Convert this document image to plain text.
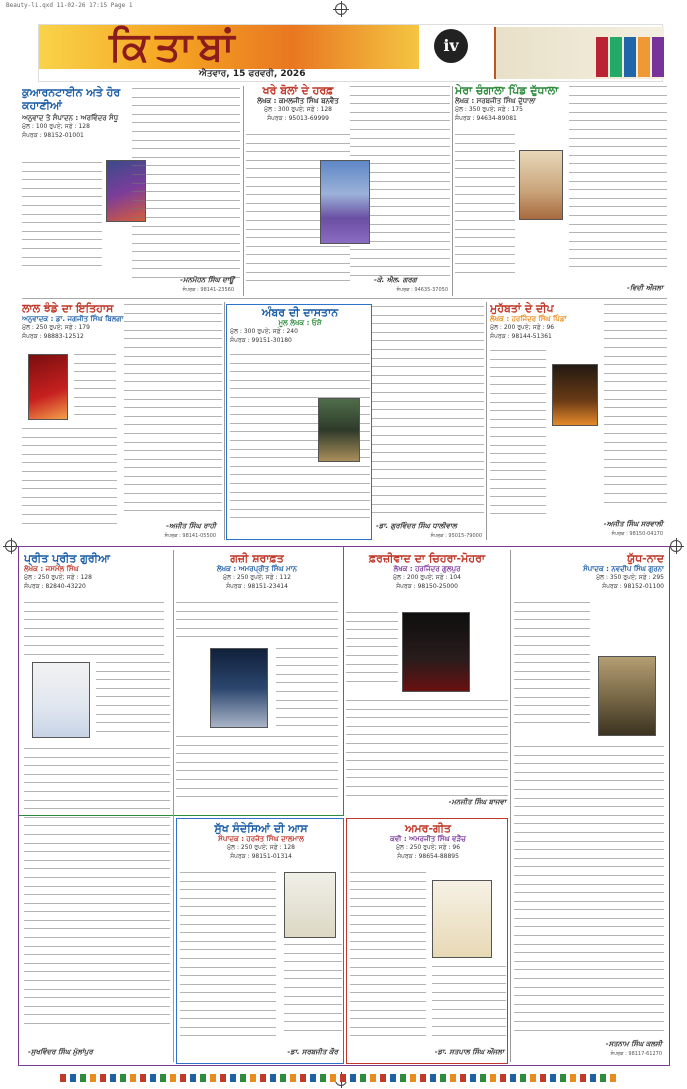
Beauty-li.qxd 11-02-26 17:15 Page 1
ਕਿਤਾਬਾਂ	iv
ਐਤਵਾਰ, 15 ਫਰਵਰੀ, 2026
ਕੁਆਰਨਟਾਈਨ ਅਤੇ ਹੋਰ ਕਹਾਣੀਆਂ
ਅਨੁਵਾਦ ਤੇ ਸੰਪਾਦਨ : ਅਰਵਿੰਦਰ ਸੰਧੂ
ਮੁੱਲ : 100 ਰੁਪਏ; ਸਫ਼ੇ : 128
ਸੰਪਰਕ : 98152-01001
-ਮਨਮੋਹਨ ਸਿੰਘ ਦਾਊਂ
ਸੰਪਰਕ : 98141-23560
ਖਰੇ ਬੋਲਾਂ ਦੇ ਹਰਫ਼
ਲੇਖਕ : ਕਮਲਜੀਤ ਸਿੰਘ ਬਨਵੈਤ
ਮੁੱਲ : 300 ਰੁਪਏ; ਸਫ਼ੇ : 128
ਸੰਪਰਕ : 95013-69999
-ਕੇ. ਐਲ. ਗਰਗ
ਸੰਪਰਕ : 94635-37050
ਮੇਰਾ ਚੰਗਾਲਾ ਪਿੰਡ ਦੁੱਧਾਲਾ
ਲੇਖਕ : ਸਰਬਜੀਤ ਸਿੰਘ ਦੁੱਧਾਲਾ
ਮੁੱਲ : 350 ਰੁਪਏ; ਸਫ਼ੇ : 175
ਸੰਪਰਕ : 94634-89081
-ਵਿਦੀ ਔਜਲਾ
ਲਾਲ ਝੰਡੇ ਦਾ ਇਤਿਹਾਸ
ਅਨੁਵਾਦਕ : ਡਾ. ਜਗਜੀਤ ਸਿੰਘ ਬਿਲਗਾ
ਮੁੱਲ : 250 ਰੁਪਏ; ਸਫ਼ੇ : 179
ਸੰਪਰਕ : 98883-12512
-ਅਜੀਤ ਸਿੰਘ ਰਾਹੀ
ਸੰਪਰਕ : 98141-05500
ਅੰਬਰ ਦੀ ਦਾਸਤਾਨ
ਮੂਲ ਲੇਖਕ : ਓਸ਼ੋ
ਮੁੱਲ : 300 ਰੁਪਏ; ਸਫ਼ੇ : 240
ਸੰਪਰਕ : 99151-30180
-ਡਾ. ਗੁਰਵਿੰਦਰ ਸਿੰਘ ਧਾਲੀਵਾਲ
ਸੰਪਰਕ : 95015-79000
ਮੁਹੱਬਤਾਂ ਦੇ ਦੀਪ
ਲੇਖਕ : ਹਰਜਿੰਦਰ ਸਿੰਘ ਪਿੰਡਾਂ
ਮੁੱਲ : 200 ਰੁਪਏ; ਸਫ਼ੇ : 96
ਸੰਪਰਕ : 98144-51361
-ਅਜੀਤ ਸਿੰਘ ਸਰਵਾਲੀ
ਸੰਪਰਕ : 98150-04170
ਪ੍ਰੀਤ ਪ੍ਰੀਤ ਗੁਰੀਆ
ਲੇਖਕ : ਜਸਮੇਲ ਸਿੰਘ
ਮੁੱਲ : 250 ਰੁਪਏ; ਸਫ਼ੇ : 128
ਸੰਪਰਕ : 82840-43220
-ਸੁਖਵਿੰਦਰ ਸਿੰਘ ਮੁੱਲਾਂਪੁਰ
ਗਜ਼ੀ ਸ਼ਰਾਫ਼ਤ
ਲੇਖਕ : ਅਮਰਪ੍ਰੀਤ ਸਿੰਘ ਮਾਨ
ਮੁੱਲ : 250 ਰੁਪਏ; ਸਫ਼ੇ : 112
ਸੰਪਰਕ : 98151-23414
ਫ਼ਰਜ਼ੀਵਾਦ ਦਾ ਚਿਹਰਾ-ਮੋਹਰਾ
ਲੇਖਕ : ਹਰਜਿੰਦਰ ਗੁਲਪੁਰ
ਮੁੱਲ : 200 ਰੁਪਏ; ਸਫ਼ੇ : 104
ਸੰਪਰਕ : 98150-25000
-ਮਨਜੀਤ ਸਿੰਘ ਬਾਜਵਾ
ਯੁੱਧ-ਨਾਦ
ਸੰਪਾਦਕ : ਨਵਦੀਪ ਸਿੰਘ ਗੁਰਨਾ
ਮੁੱਲ : 350 ਰੁਪਏ; ਸਫ਼ੇ : 295
ਸੰਪਰਕ : 98152-01100
-ਸਤਨਾਮ ਸਿੰਘ ਕਲਸੀ
ਸੰਪਰਕ : 98117-61270
ਸੁੱਖ ਸੰਦੇਸਿਆਂ ਦੀ ਆਸ
ਸੰਪਾਦਕ : ਹਰਜੋਤ ਸਿੰਘ ਦਾਲਮਾਲ
ਮੁੱਲ : 250 ਰੁਪਏ; ਸਫ਼ੇ : 128
ਸੰਪਰਕ : 98151-01314
-ਡਾ. ਸਰਬਜੀਤ ਕੌਰ
ਅਮਰ-ਗੀਤ
ਕਵੀ : ਅਮਰਜੀਤ ਸਿੰਘ ਵੜੈਚ
ਮੁੱਲ : 250 ਰੁਪਏ; ਸਫ਼ੇ : 96
ਸੰਪਰਕ : 98654-88895
-ਡਾ. ਸਤਪਾਲ ਸਿੰਘ ਔਜਲਾ
